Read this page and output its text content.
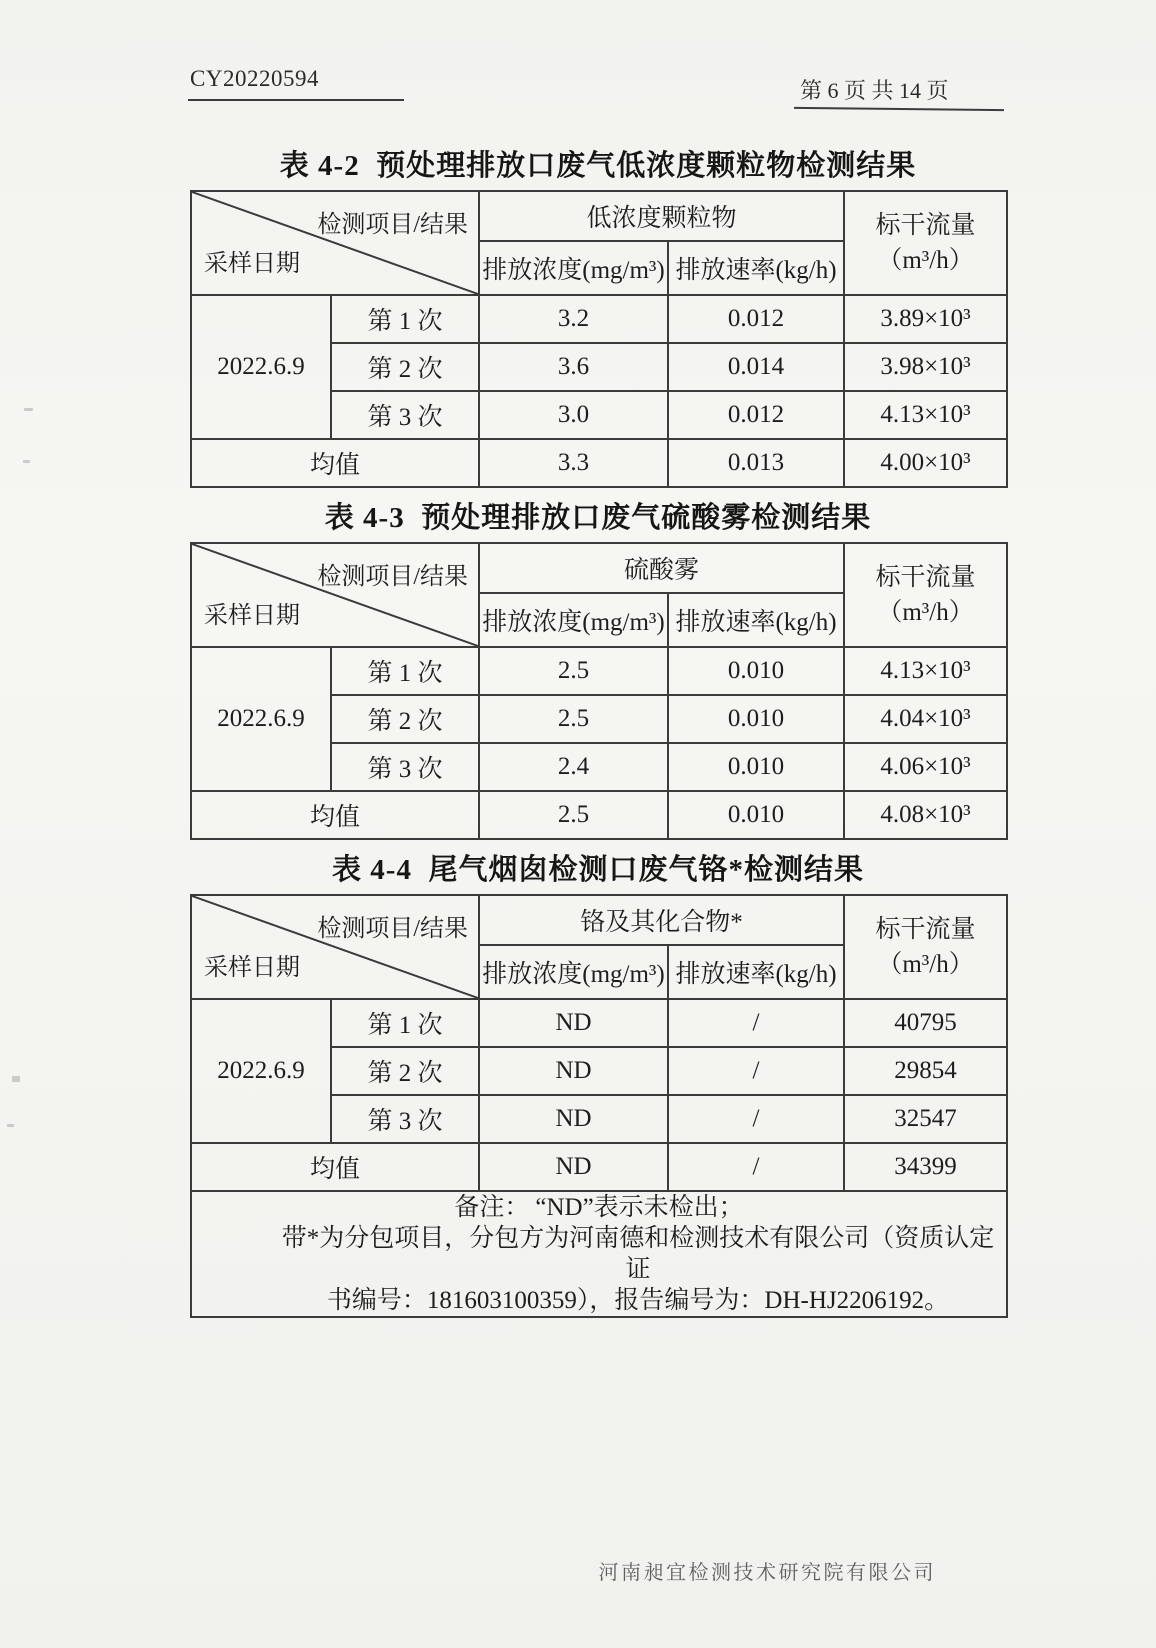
CY20220594	第 6 页 共 14 页
表 4-2  预处理排放口废气低浓度颗粒物检测结果
检测项目/结果
采样日期		低浓度颗粒物		标干流量
（m³/h）
		排放浓度(mg/m³)	排放速率(kg/h)	
2022.6.9	第 1 次	3.2	0.012	3.89×10³
	第 2 次	3.6	0.014	3.98×10³
	第 3 次	3.0	0.012	4.13×10³
均值		3.3	0.013	4.00×10³
表 4-3  预处理排放口废气硫酸雾检测结果
检测项目/结果
采样日期		硫酸雾		标干流量
（m³/h）
		排放浓度(mg/m³)	排放速率(kg/h)	
2022.6.9	第 1 次	2.5	0.010	4.13×10³
	第 2 次	2.5	0.010	4.04×10³
	第 3 次	2.4	0.010	4.06×10³
均值		2.5	0.010	4.08×10³
表 4-4  尾气烟囱检测口废气铬*检测结果
检测项目/结果
采样日期		铬及其化合物*		标干流量
（m³/h）
		排放浓度(mg/m³)	排放速率(kg/h)	
2022.6.9	第 1 次	ND	/	40795
	第 2 次	ND	/	29854
	第 3 次	ND	/	32547
均值		ND	/	34399

备注： “ND”表示未检出；
带*为分包项目，分包方为河南德和检测技术有限公司（资质认定证
书编号：181603100359），报告编号为：DH-HJ2206192。				
河南昶宜检测技术研究院有限公司
